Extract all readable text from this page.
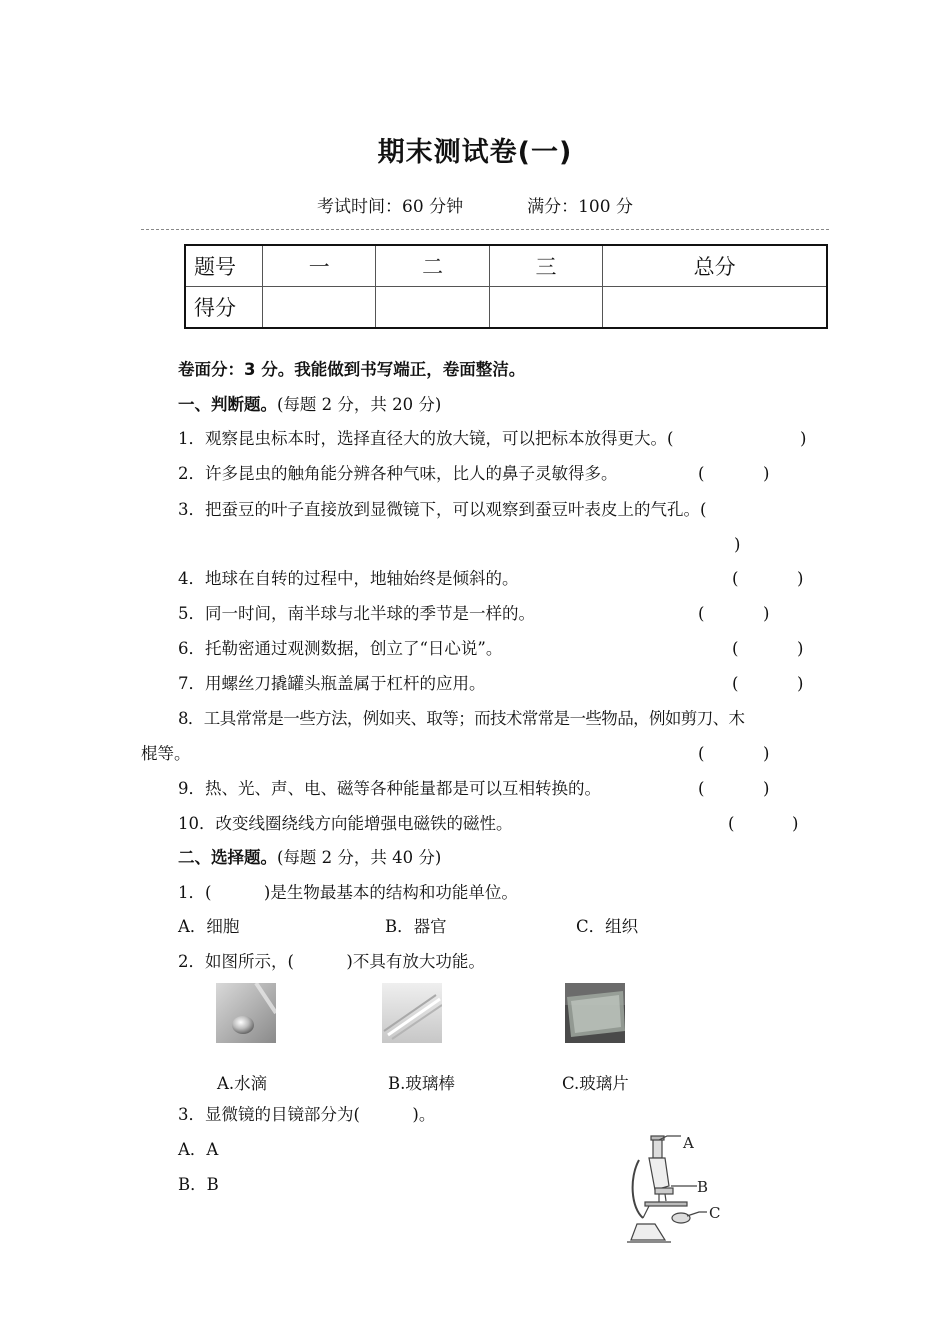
期末测试卷(一)
考试时间：60 分钟	满分：100 分
题号	一	二	三	总分
得分				
卷面分：3 分。我能做到书写端正，卷面整洁。
一、判断题。(每题 2 分，共 20 分)
1．观察昆虫标本时，选择直径大的放大镜，可以把标本放得更大。(	)
2．许多昆虫的触角能分辨各种气味，比人的鼻子灵敏得多。	(	)
3．把蚕豆的叶子直接放到显微镜下，可以观察到蚕豆叶表皮上的气孔。(
)
4．地球在自转的过程中，地轴始终是倾斜的。	(	)
5．同一时间，南半球与北半球的季节是一样的。	(	)
6．托勒密通过观测数据，创立了“日心说”。	(	)
7．用螺丝刀撬罐头瓶盖属于杠杆的应用。	(	)
8．工具常常是一些方法，例如夹、取等；而技术常常是一些物品，例如剪刀、木
棍等。	(	)
9．热、光、声、电、磁等各种能量都是可以互相转换的。	(	)
10．改变线圈绕线方向能增强电磁铁的磁性。	(	)
二、选择题。(每题 2 分，共 40 分)
1．(          )是生物最基本的结构和功能单位。
A．细胞	B．器官	C．组织
2．如图所示，(          )不具有放大功能。
A.水滴	B.玻璃棒	C.玻璃片
3．显微镜的目镜部分为(          )。
A．A
B．B
A
B
C
